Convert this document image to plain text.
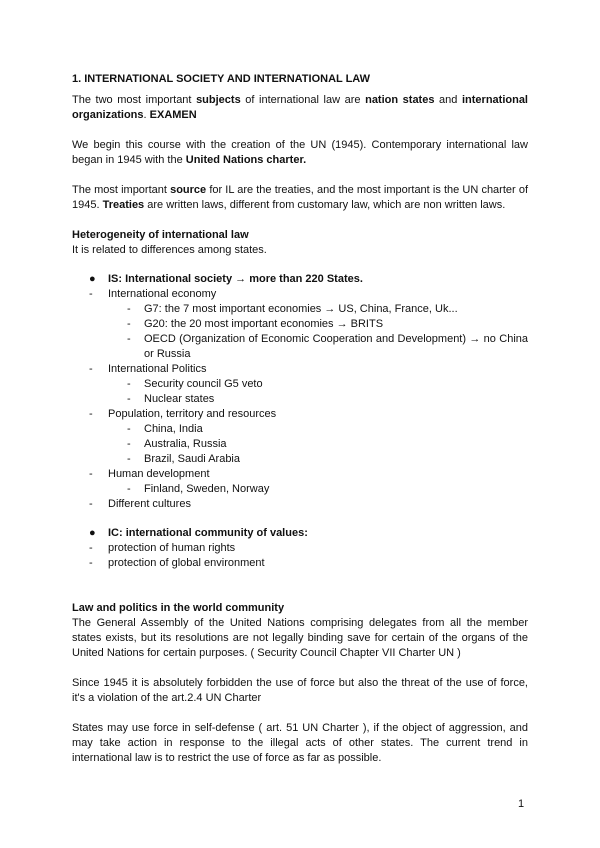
1. INTERNATIONAL SOCIETY AND INTERNATIONAL LAW

The two most important subjects of international law are nation states and international organizations. EXAMEN

We begin this course with the creation of the UN (1945). Contemporary international law began in 1945 with the United Nations charter.

The most important source for IL are the treaties, and the most important is the UN charter of 1945. Treaties are written laws, different from customary law, which are non written laws.

Heterogeneity of international law

It is related to differences among states.

●	IS: International society → more than 220 States.
-	International economy
-	G7: the 7 most important economies → US, China, France, Uk...
-	G20: the 20 most important economies → BRITS
-	OECD (Organization of Economic Cooperation and Development) → no China or Russia
-	International Politics
-	Security council G5 veto
-	Nuclear states
-	Population, territory and resources
-	China, India
-	Australia, Russia
-	Brazil, Saudi Arabia
-	Human development
-	Finland, Sweden, Norway
-	Different cultures
●	IC: international community of values:
-	protection of human rights
-	protection of global environment

Law and politics in the world community

The General Assembly of the United Nations comprising delegates from all the member states exists, but its resolutions are not legally binding save for certain of the organs of the United Nations for certain purposes. ( Security Council Chapter VII Charter UN )

Since 1945 it is absolutely forbidden the use of force but also the threat of the use of force, it's a violation of the art.2.4 UN Charter

States may use force in self-defense ( art. 51 UN Charter ), if the object of aggression, and may take action in response to the illegal acts of other states. The current trend in international law is to restrict the use of force as far as possible.

1
